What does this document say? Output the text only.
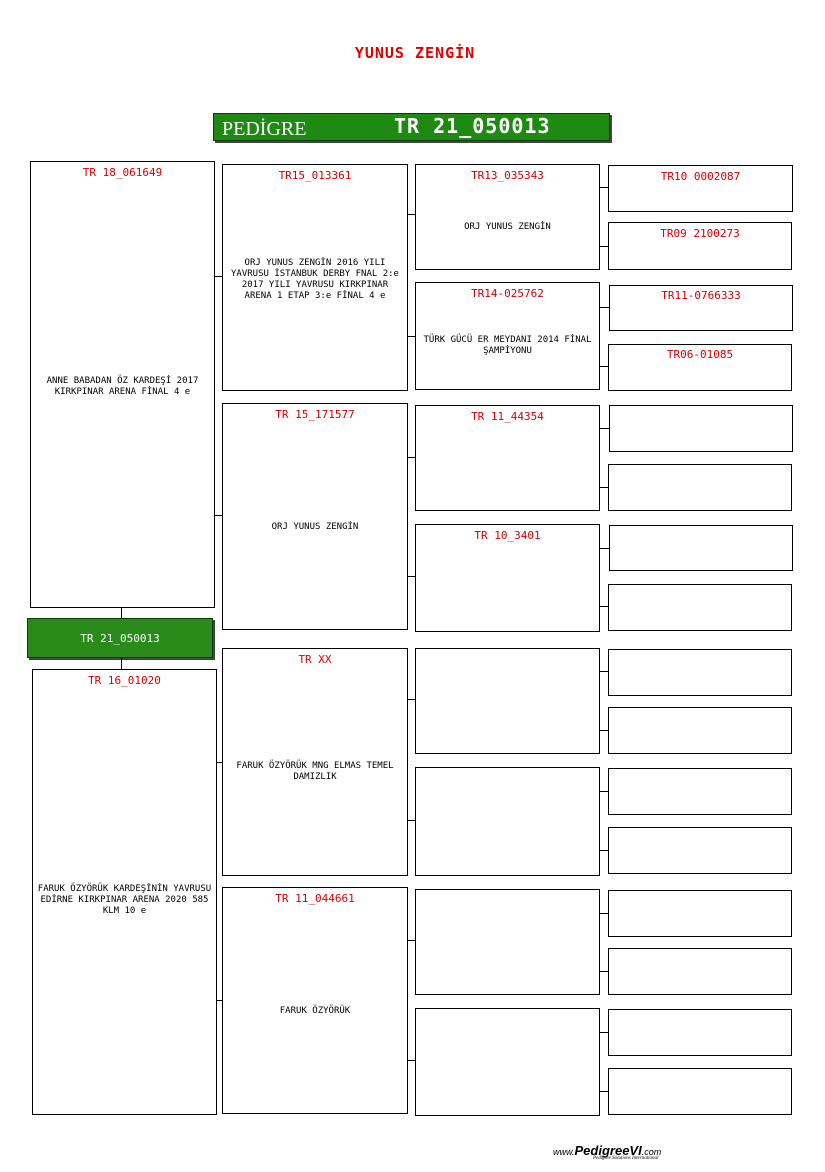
YUNUS ZENGİN
PEDİGRE	TR 21_050013
TR 18_061649
ANNE BABADAN ÖZ KARDEŞİ 2017 KIRKPINAR ARENA FİNAL 4 e
TR 16_01020
FARUK ÖZYÖRÜK KARDEŞİNİN YAVRUSU EDİRNE KIRKPINAR ARENA 2020 585 KLM 10 e
TR 21_050013
TR15_013361
ORJ YUNUS ZENGİN 2016 YILI YAVRUSU İSTANBUK DERBY FNAL 2:e 2017 YILI YAVRUSU KIRKPINAR ARENA 1 ETAP 3:e FİNAL 4 e
TR 15_171577
ORJ YUNUS ZENGİN
TR XX
FARUK ÖZYÖRÜK MNG ELMAS TEMEL DAMIZLIK
TR 11_044661
FARUK ÖZYÖRÜK
TR13_035343
ORJ YUNUS ZENGİN
TR14-025762
TÜRK GÜCÜ ER MEYDANI 2014 FİNAL ŞAMPİYONU
TR 11_44354
TR 10_3401
TR10 0002087
TR09 2100273
TR11-0766333
TR06-01085
www.PedigreeVI.com
Pedigree Solutions International
